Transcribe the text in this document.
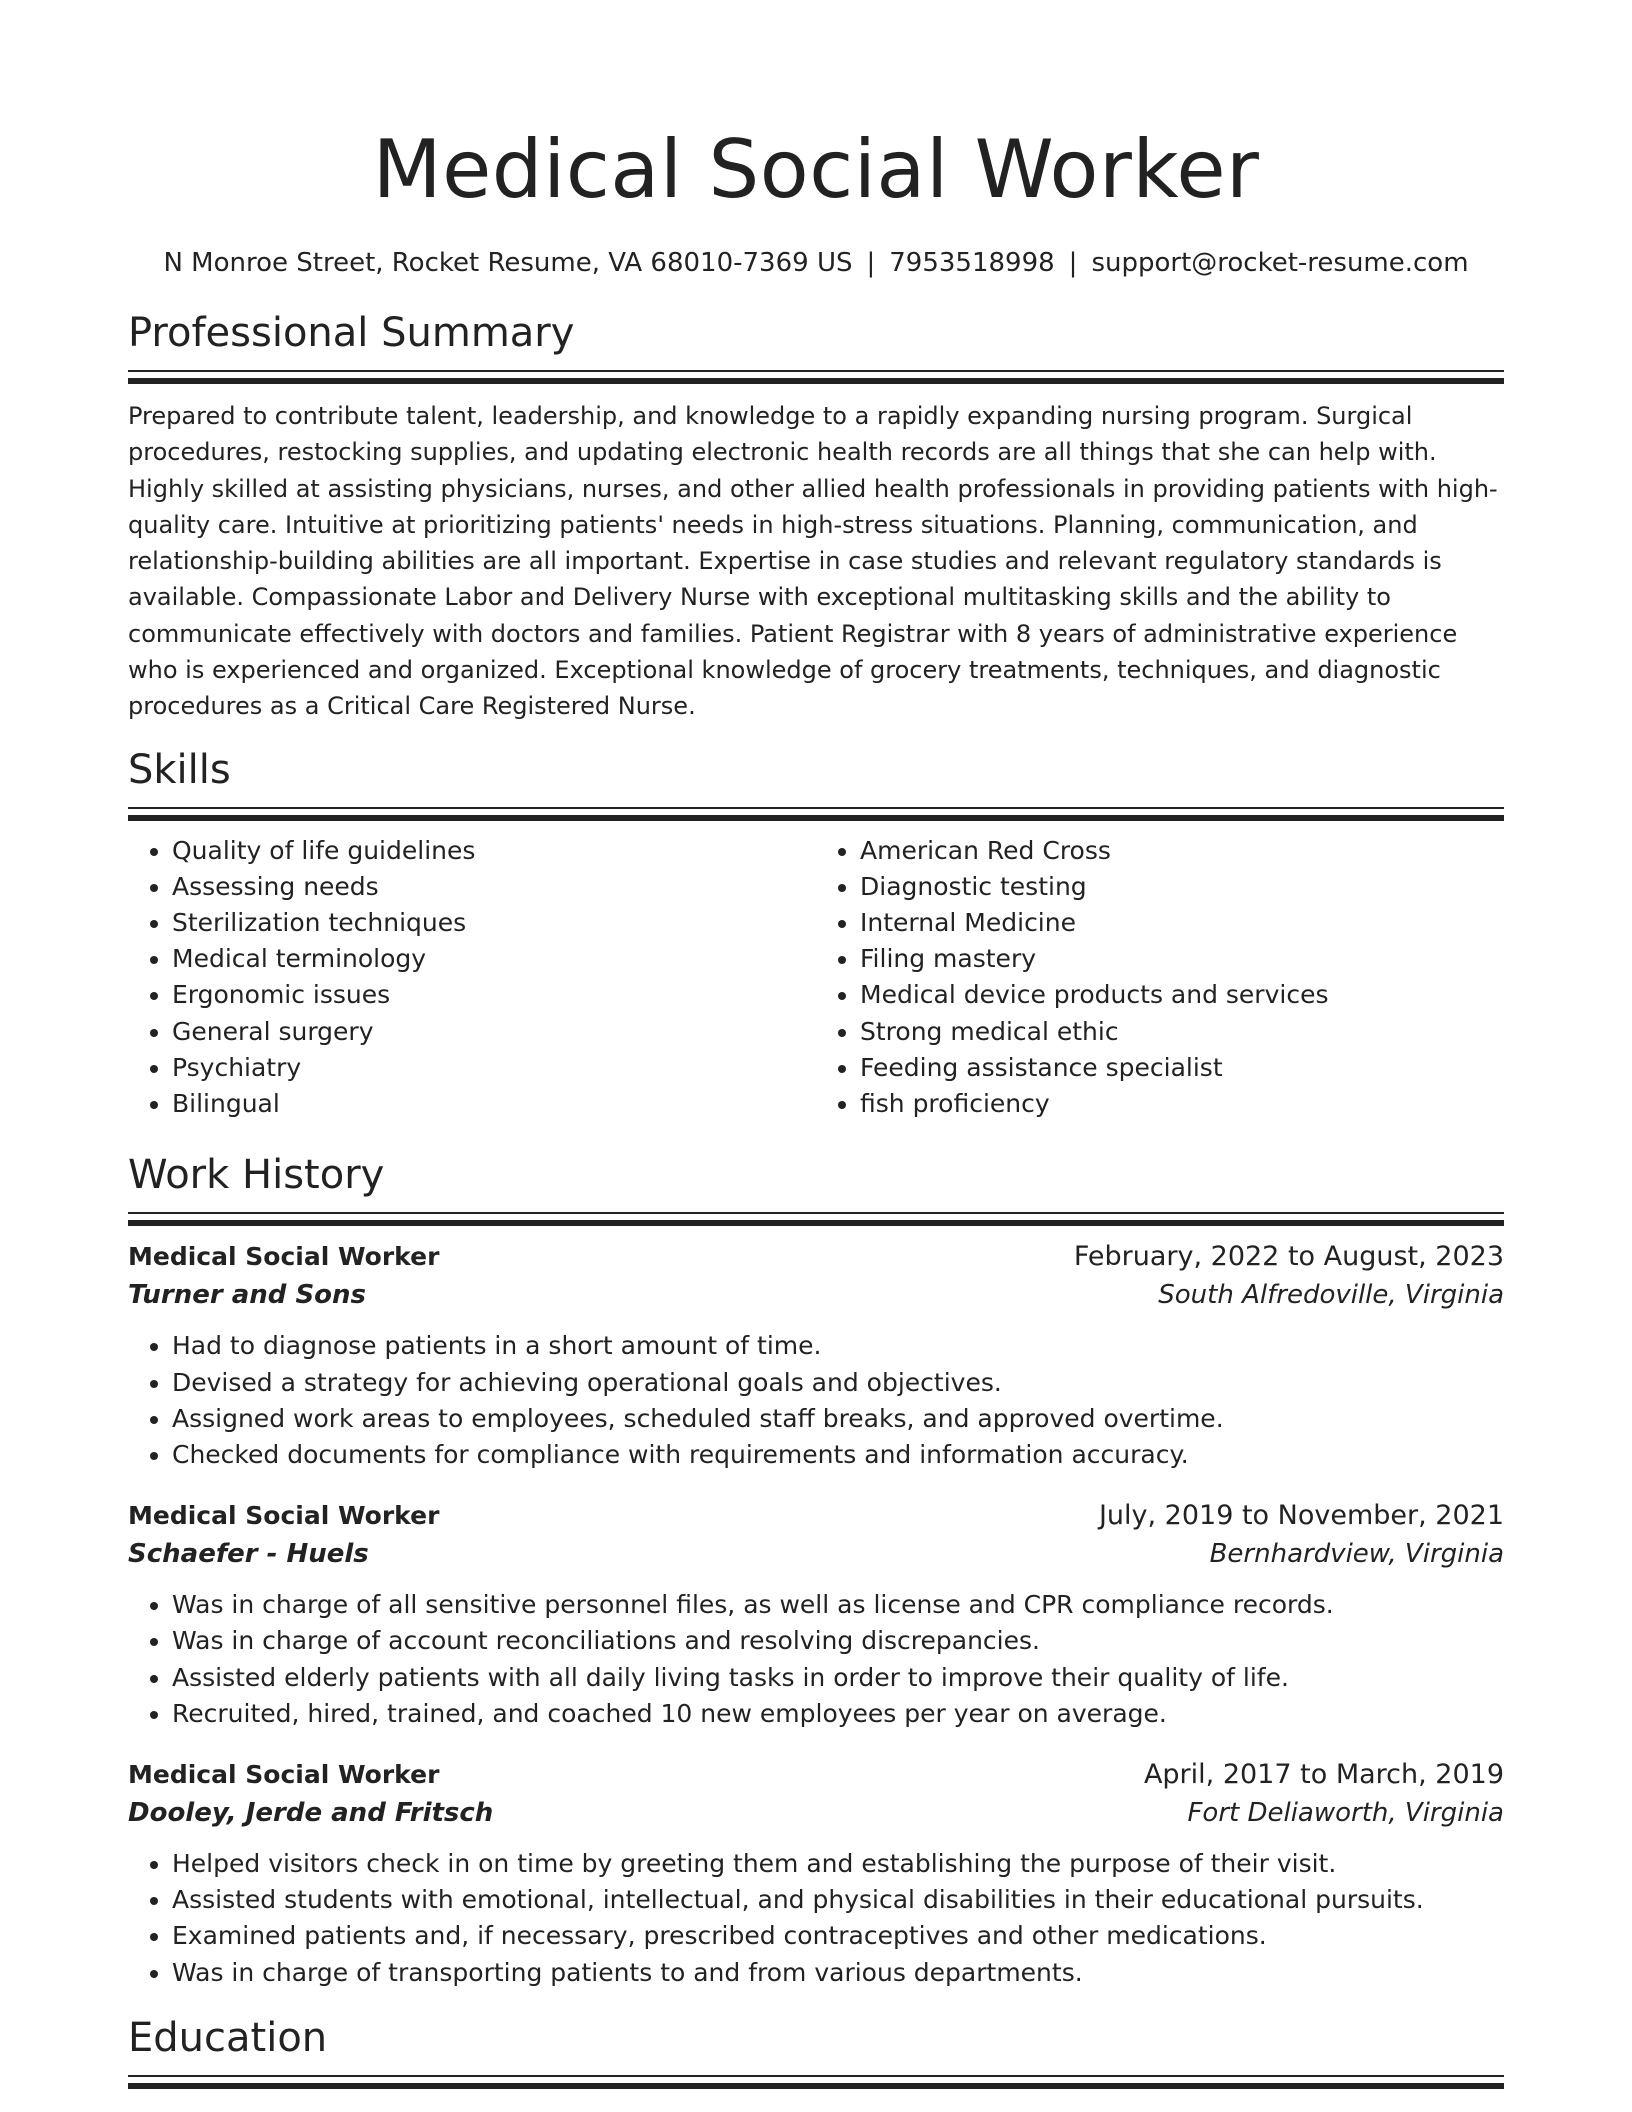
Medical Social Worker
N Monroe Street, Rocket Resume, VA 68010-7369 US | 7953518998 | support@rocket-resume.com
Professional Summary

Prepared to contribute talent, leadership, and knowledge to a rapidly expanding nursing program. Surgical procedures, restocking supplies, and updating electronic health records are all things that she can help with. Highly skilled at assisting physicians, nurses, and other allied health professionals in providing patients with high-quality care. Intuitive at prioritizing patients' needs in high-stress situations. Planning, communication, and relationship-building abilities are all important. Expertise in case studies and relevant regulatory standards is available. Compassionate Labor and Delivery Nurse with exceptional multitasking skills and the ability to communicate effectively with doctors and families. Patient Registrar with 8 years of administrative experience who is experienced and organized. Exceptional knowledge of grocery treatments, techniques, and diagnostic procedures as a Critical Care Registered Nurse.

Skills
• Quality of life guidelines
• Assessing needs
• Sterilization techniques
• Medical terminology
• Ergonomic issues
• General surgery
• Psychiatry
• Bilingual
• American Red Cross
• Diagnostic testing
• Internal Medicine
• Filing mastery
• Medical device products and services
• Strong medical ethic
• Feeding assistance specialist
• fish proficiency
Work History
Medical Social Worker	February, 2022 to August, 2023
Turner and Sons	South Alfredoville, Virginia
• Had to diagnose patients in a short amount of time.
• Devised a strategy for achieving operational goals and objectives.
• Assigned work areas to employees, scheduled staff breaks, and approved overtime.
• Checked documents for compliance with requirements and information accuracy.
Medical Social Worker	July, 2019 to November, 2021
Schaefer - Huels	Bernhardview, Virginia
• Was in charge of all sensitive personnel files, as well as license and CPR compliance records.
• Was in charge of account reconciliations and resolving discrepancies.
• Assisted elderly patients with all daily living tasks in order to improve their quality of life.
• Recruited, hired, trained, and coached 10 new employees per year on average.
Medical Social Worker	April, 2017 to March, 2019
Dooley, Jerde and Fritsch	Fort Deliaworth, Virginia
• Helped visitors check in on time by greeting them and establishing the purpose of their visit.
• Assisted students with emotional, intellectual, and physical disabilities in their educational pursuits.
• Examined patients and, if necessary, prescribed contraceptives and other medications.
• Was in charge of transporting patients to and from various departments.
Education
